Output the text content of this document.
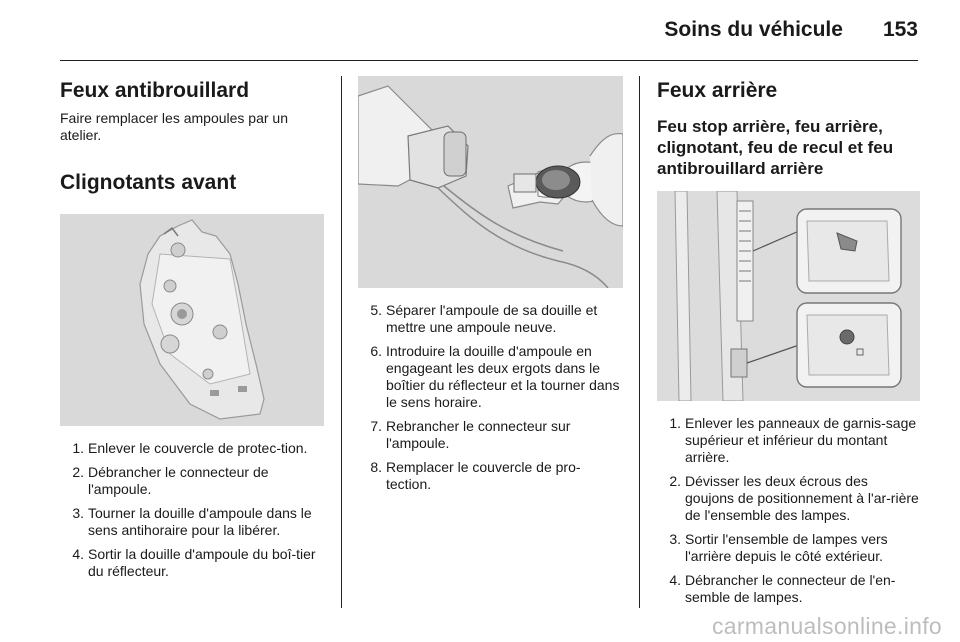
Soins du véhicule 153
Feux antibrouillard

Faire remplacer les ampoules par un atelier.

Clignotants avant
1. Enlever le couvercle de protec-tion.
2. Débrancher le connecteur de l'ampoule.
3. Tourner la douille d'ampoule dans le sens antihoraire pour la libérer.
4. Sortir la douille d'ampoule du boî-tier du réflecteur.
5. Séparer l'ampoule de sa douille et mettre une ampoule neuve.
6. Introduire la douille d'ampoule en engageant les deux ergots dans le boîtier du réflecteur et la tourner dans le sens horaire.
7. Rebrancher le connecteur sur l'ampoule.
8. Remplacer le couvercle de pro-tection.
Feux arrière
Feu stop arrière, feu arrière, clignotant, feu de recul et feu antibrouillard arrière
1. Enlever les panneaux de garnis-sage supérieur et inférieur du montant arrière.
2. Dévisser les deux écrous des goujons de positionnement à l'ar-rière de l'ensemble des lampes.
3. Sortir l'ensemble de lampes vers l'arrière depuis le côté extérieur.
4. Débrancher le connecteur de l'en-semble de lampes.
carmanualsonline.info
